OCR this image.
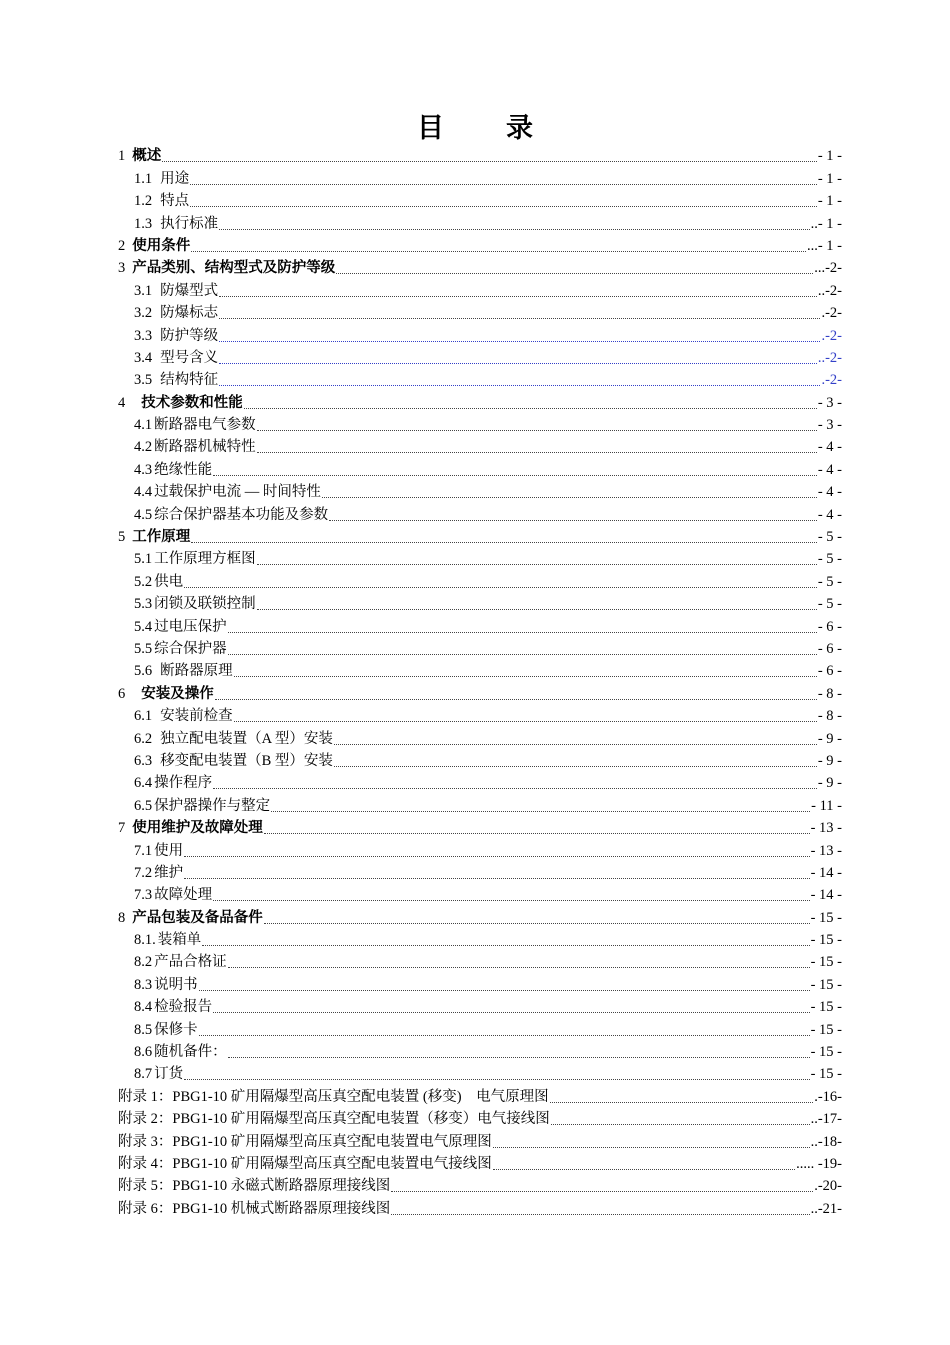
目 录
1 概述	- 1 -
1.1 用途	- 1 -
1.2 特点	- 1 -
1.3 执行标准	..- 1 -
2 使用条件	...- 1 -
3 产品类别、结构型式及防护等级	...-2-
3.1 防爆型式	..-2-
3.2 防爆标志	.-2-
3.3 防护等级	.-2-
3.4 型号含义	..-2-
3.5 结构特征	.-2-
4 技术参数和性能	- 3 -
4.1 断路器电气参数	- 3 -
4.2 断路器机械特性	- 4 -
4.3 绝缘性能	- 4 -
4.4 过载保护电流 — 时间特性	- 4 -
4.5 综合保护器基本功能及参数	- 4 -
5 工作原理	- 5 -
5.1 工作原理方框图	- 5 -
5.2 供电	- 5 -
5.3 闭锁及联锁控制	- 5 -
5.4 过电压保护	- 6 -
5.5 综合保护器	- 6 -
5.6 断路器原理	- 6 -
6 安装及操作	- 8 -
6.1 安装前检查	- 8 -
6.2 独立配电装置（A 型）安装	- 9 -
6.3 移变配电装置（B 型）安装	- 9 -
6.4 操作程序	- 9 -
6.5 保护器操作与整定	- 11 -
7 使用维护及故障处理	- 13 -
7.1 使用	- 13 -
7.2 维护	- 14 -
7.3 故障处理	- 14 -
8 产品包装及备品备件	- 15 -
8.1. 装箱单	- 15 -
8.2 产品合格证	- 15 -
8.3 说明书	- 15 -
8.4 检验报告	- 15 -
8.5 保修卡	- 15 -
8.6 随机备件：	- 15 -
8.7 订货	- 15 -
附录 1： PBG1-10 矿用隔爆型高压真空配电装置 (移变)　电气原理图	.-16-
附录 2： PBG1-10 矿用隔爆型高压真空配电装置（移变）电气接线图	..-17-
附录 3： PBG1-10 矿用隔爆型高压真空配电装置电气原理图	..-18-
附录 4： PBG1-10 矿用隔爆型高压真空配电装置电气接线图	..... -19-
附录 5： PBG1-10 永磁式断路器原理接线图	.-20-
附录 6： PBG1-10 机械式断路器原理接线图	..-21-
